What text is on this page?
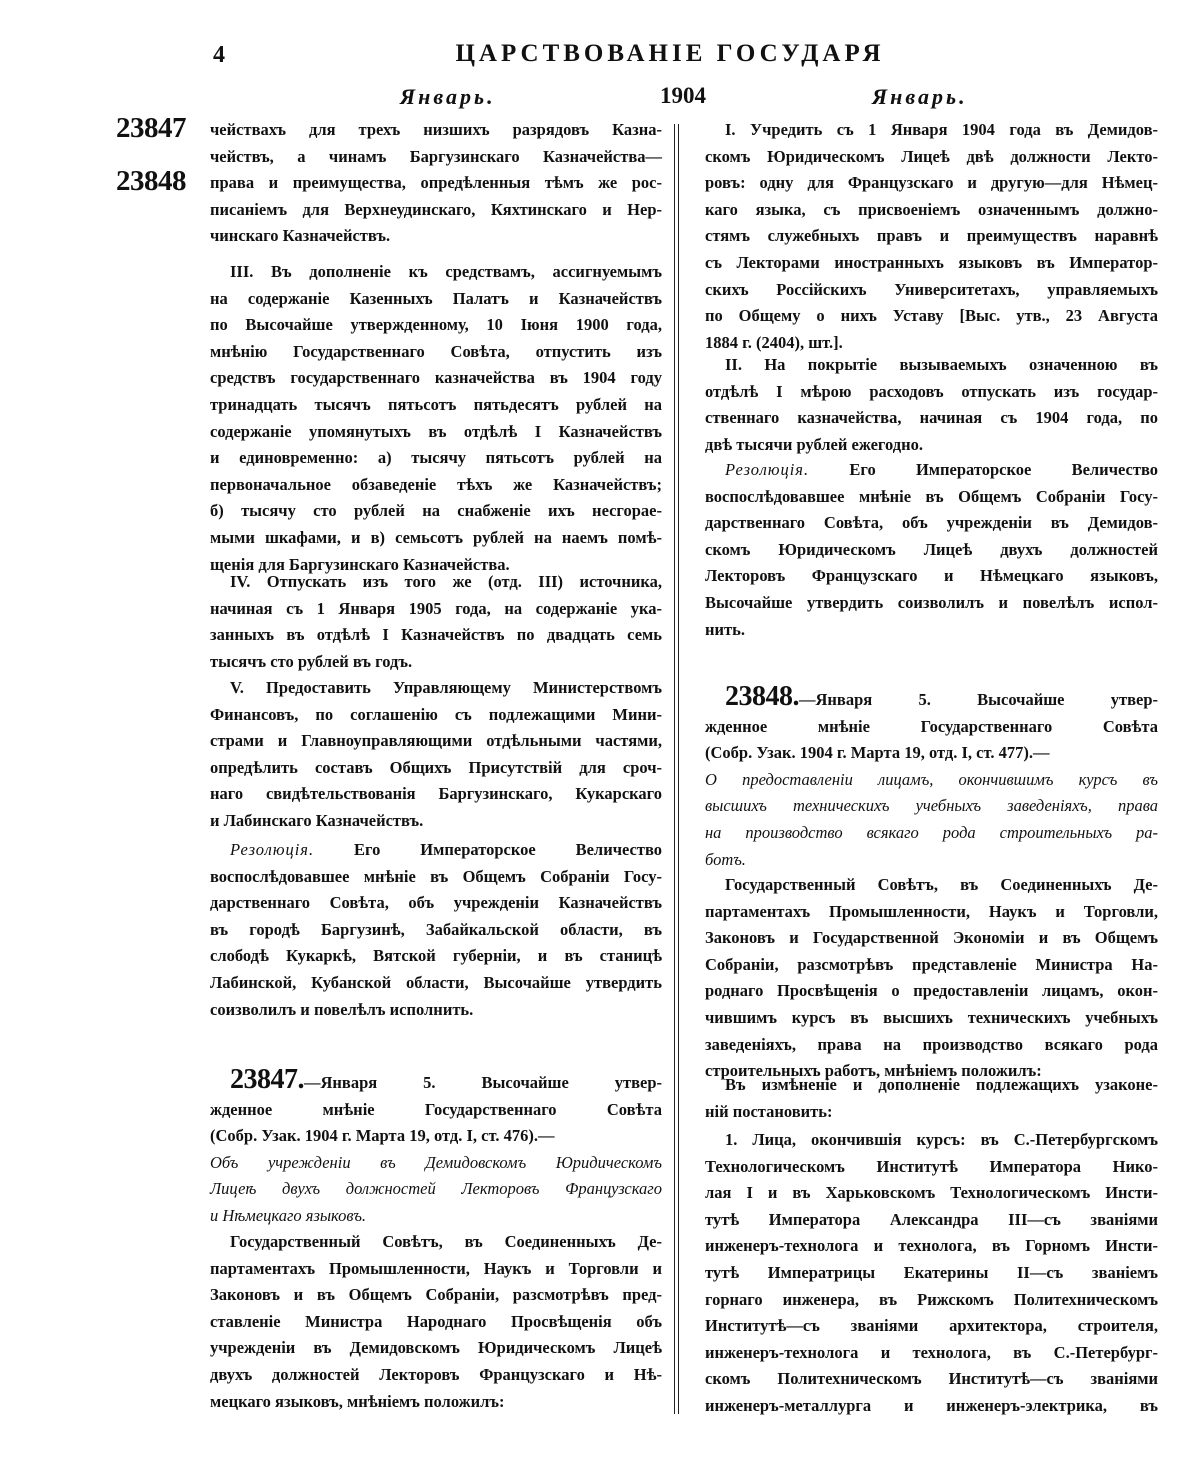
4	ЦАРСТВОВАНІЕ ГОСУДАРЯ
Январь.	1904	Январь.
23847
23848
чействахъ для трехъ низшихъ разрядовъ Казна-
чействъ, а чинамъ Баргузинскаго Казначейства—
права и преимущества, опредѣленныя тѣмъ же рос-
писаніемъ для Верхнеудинскаго, Кяхтинскаго и Нер-
чинскаго Казначействъ.
III. Въ дополненіе къ средствамъ, ассигнуемымъ
на содержаніе Казенныхъ Палатъ и Казначействъ
по Высочайше утвержденному, 10 Іюня 1900 года,
мнѣнію Государственнаго Совѣта, отпустить изъ
средствъ государственнаго казначейства въ 1904 году
тринадцать тысячъ пятьсотъ пятьдесятъ рублей на
содержаніе упомянутыхъ въ отдѣлѣ I Казначействъ
и единовременно: а) тысячу пятьсотъ рублей на
первоначальное обзаведеніе тѣхъ же Казначействъ;
б) тысячу сто рублей на снабженіе ихъ несгорае-
мыми шкафами, и в) семьсотъ рублей на наемъ помѣ-
щенія для Баргузинскаго Казначейства.
IV. Отпускать изъ того же (отд. III) источника,
начиная съ 1 Января 1905 года, на содержаніе ука-
занныхъ въ отдѣлѣ I Казначействъ по двадцать семь
тысячъ сто рублей въ годъ.
V. Предоставить Управляющему Министерствомъ
Финансовъ, по соглашенію съ подлежащими Мини-
страми и Главноуправляющими отдѣльными частями,
опредѣлить составъ Общихъ Присутствій для сроч-
наго свидѣтельствованія Баргузинскаго, Кукарскаго
и Лабинскаго Казначействъ.
Резолюція. Его Императорское Величество
воспослѣдовавшее мнѣніе въ Общемъ Собраніи Госу-
дарственнаго Совѣта, объ учрежденіи Казначействъ
въ городѣ Баргузинѣ, Забайкальской области, въ
слободѣ Кукаркѣ, Вятской губерніи, и въ станицѣ
Лабинской, Кубанской области, Высочайше утвердить
соизволилъ и повелѣлъ исполнить.
23847.—Января 5. Высочайше утвер-
жденное мнѣніе Государственнаго Совѣта
(Собр. Узак. 1904 г. Марта 19, отд. I, ст. 476).—
Объ учрежденіи въ Демидовскомъ Юридическомъ
Лицеѣ двухъ должностей Лекторовъ Французскаго
и Нѣмецкаго языковъ.
Государственный Совѣтъ, въ Соединенныхъ Де-
партаментахъ Промышленности, Наукъ и Торговли и
Законовъ и въ Общемъ Собраніи, разсмотрѣвъ пред-
ставленіе Министра Народнаго Просвѣщенія объ
учрежденіи въ Демидовскомъ Юридическомъ Лицеѣ
двухъ должностей Лекторовъ Французскаго и Нѣ-
мецкаго языковъ, мнѣніемъ положилъ:
I. Учредить съ 1 Января 1904 года въ Демидов-
скомъ Юридическомъ Лицеѣ двѣ должности Лекто-
ровъ: одну для Французскаго и другую—для Нѣмец-
каго языка, съ присвоеніемъ означеннымъ должно-
стямъ служебныхъ правъ и преимуществъ наравнѣ
съ Лекторами иностранныхъ языковъ въ Император-
скихъ Россійскихъ Университетахъ, управляемыхъ
по Общему о нихъ Уставу [Выс. утв., 23 Августа
1884 г. (2404), шт.].
II. На покрытіе вызываемыхъ означенною въ
отдѣлѣ I мѣрою расходовъ отпускать изъ государ-
ственнаго казначейства, начиная съ 1904 года, по
двѣ тысячи рублей ежегодно.
Резолюція. Его Императорское Величество
воспослѣдовавшее мнѣніе въ Общемъ Собраніи Госу-
дарственнаго Совѣта, объ учрежденіи въ Демидов-
скомъ Юридическомъ Лицеѣ двухъ должностей
Лекторовъ Французскаго и Нѣмецкаго языковъ,
Высочайше утвердить соизволилъ и повелѣлъ испол-
нить.
23848.—Января 5. Высочайше утвер-
жденное мнѣніе Государственнаго Совѣта
(Собр. Узак. 1904 г. Марта 19, отд. I, ст. 477).—
О предоставленіи лицамъ, окончившимъ курсъ въ
высшихъ техническихъ учебныхъ заведеніяхъ, права
на производство всякаго рода строительныхъ ра-
ботъ.
Государственный Совѣтъ, въ Соединенныхъ Де-
партаментахъ Промышленности, Наукъ и Торговли,
Законовъ и Государственной Экономіи и въ Общемъ
Собраніи, разсмотрѣвъ представленіе Министра На-
роднаго Просвѣщенія о предоставленіи лицамъ, окон-
чившимъ курсъ въ высшихъ техническихъ учебныхъ
заведеніяхъ, права на производство всякаго рода
строительныхъ работъ, мнѣніемъ положилъ:
Въ измѣненіе и дополненіе подлежащихъ узаконе-
ній постановить:
1. Лица, окончившія курсъ: въ С.-Петербургскомъ
Технологическомъ Институтѣ Императора Нико-
лая I и въ Харьковскомъ Технологическомъ Инсти-
тутѣ Императора Александра III—съ званіями
инженеръ-технолога и технолога, въ Горномъ Инсти-
тутѣ Императрицы Екатерины II—съ званіемъ
горнаго инженера, въ Рижскомъ Политехническомъ
Институтѣ—съ званіями архитектора, строителя,
инженеръ-технолога и технолога, въ С.-Петербург-
скомъ Политехническомъ Институтѣ—съ званіями
инженеръ-металлурга и инженеръ-электрика, въ
